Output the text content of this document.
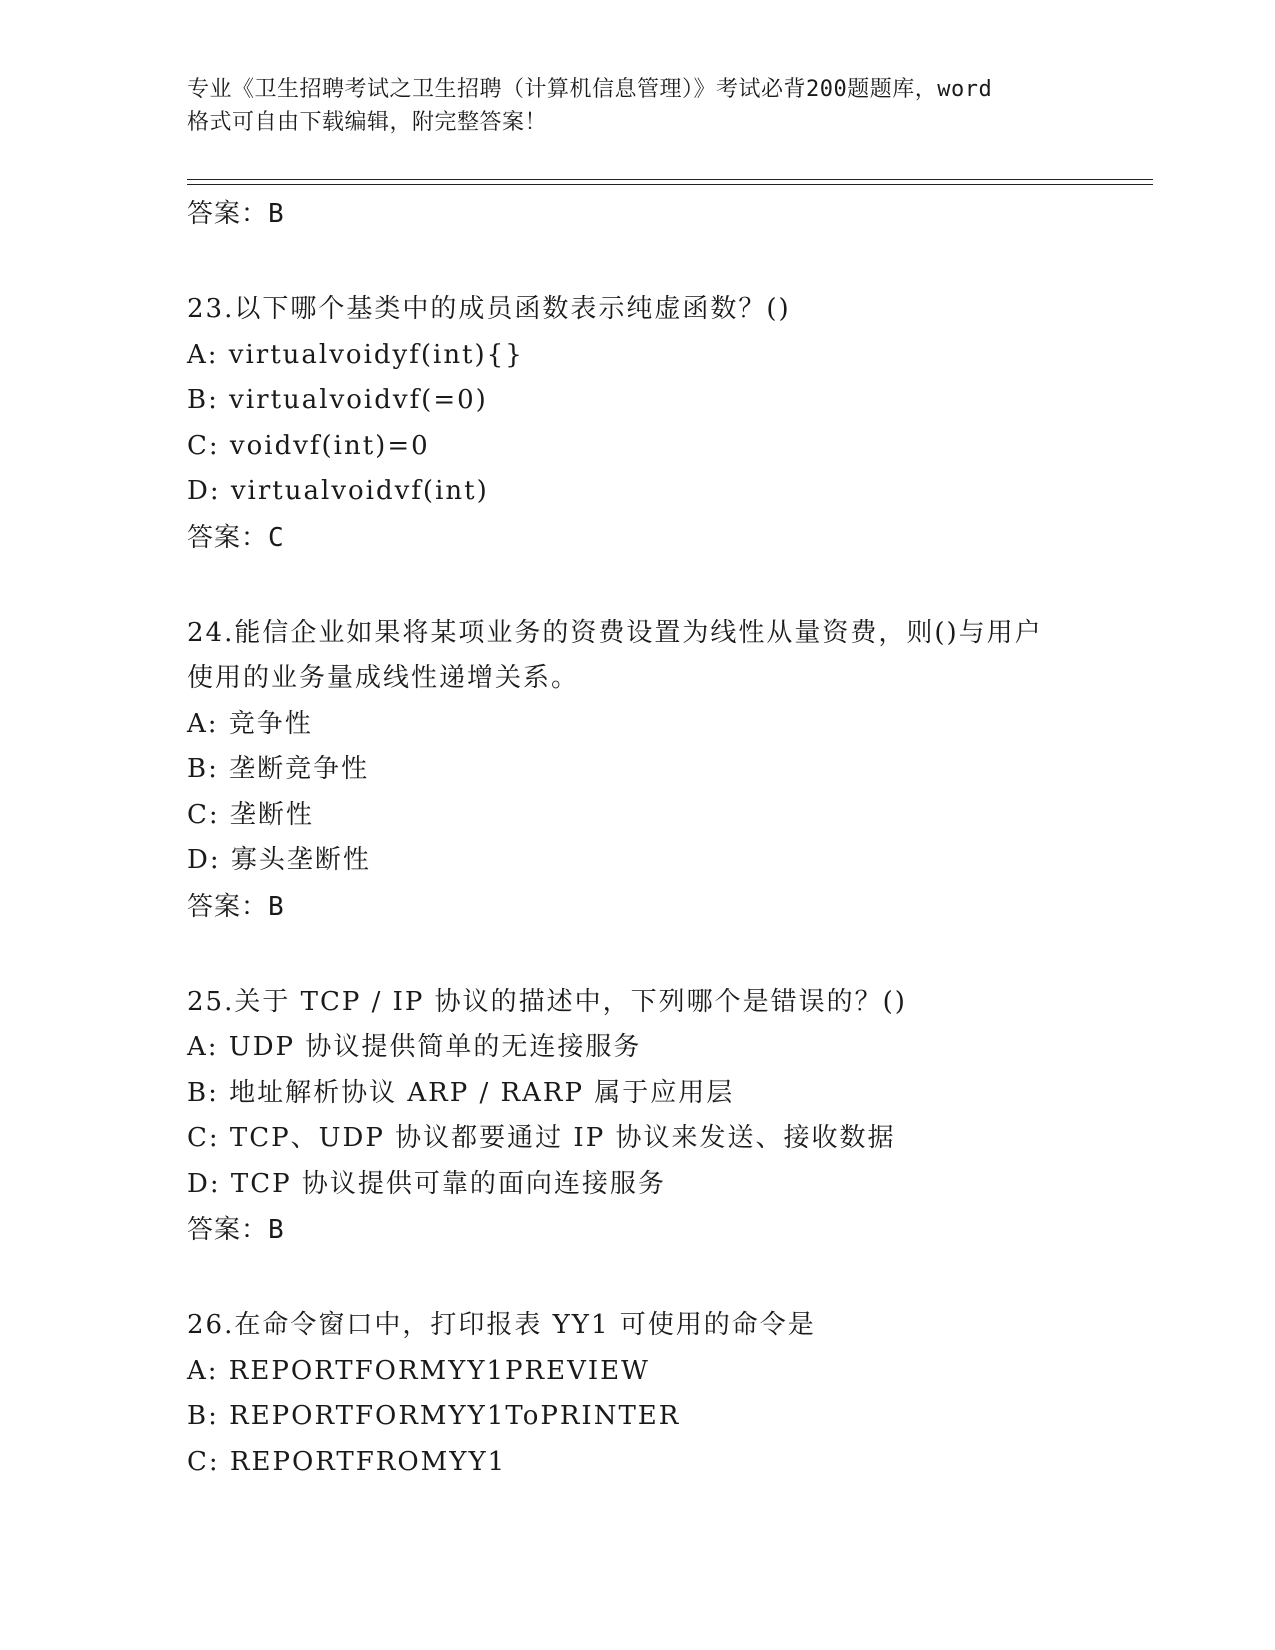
专业《卫生招聘考试之卫生招聘（计算机信息管理）》考试必背200题题库，word
格式可自由下载编辑，附完整答案！
答案：B
23.以下哪个基类中的成员函数表示纯虚函数？()
A: virtualvoidyf(int){}
B: virtualvoidvf(=0)
C: voidvf(int)=0
D: virtualvoidvf(int)
答案：C
24.能信企业如果将某项业务的资费设置为线性从量资费，则()与用户
使用的业务量成线性递增关系。
A: 竞争性
B: 垄断竞争性
C: 垄断性
D: 寡头垄断性
答案：B
25.关于 TCP / IP 协议的描述中，下列哪个是错误的？()
A: UDP 协议提供简单的无连接服务
B: 地址解析协议 ARP / RARP 属于应用层
C: TCP、UDP 协议都要通过 IP 协议来发送、接收数据
D: TCP 协议提供可靠的面向连接服务
答案：B
26.在命令窗口中，打印报表 YY1 可使用的命令是
A: REPORTFORMYY1PREVIEW
B: REPORTFORMYY1ToPRINTER
C: REPORTFROMYY1
